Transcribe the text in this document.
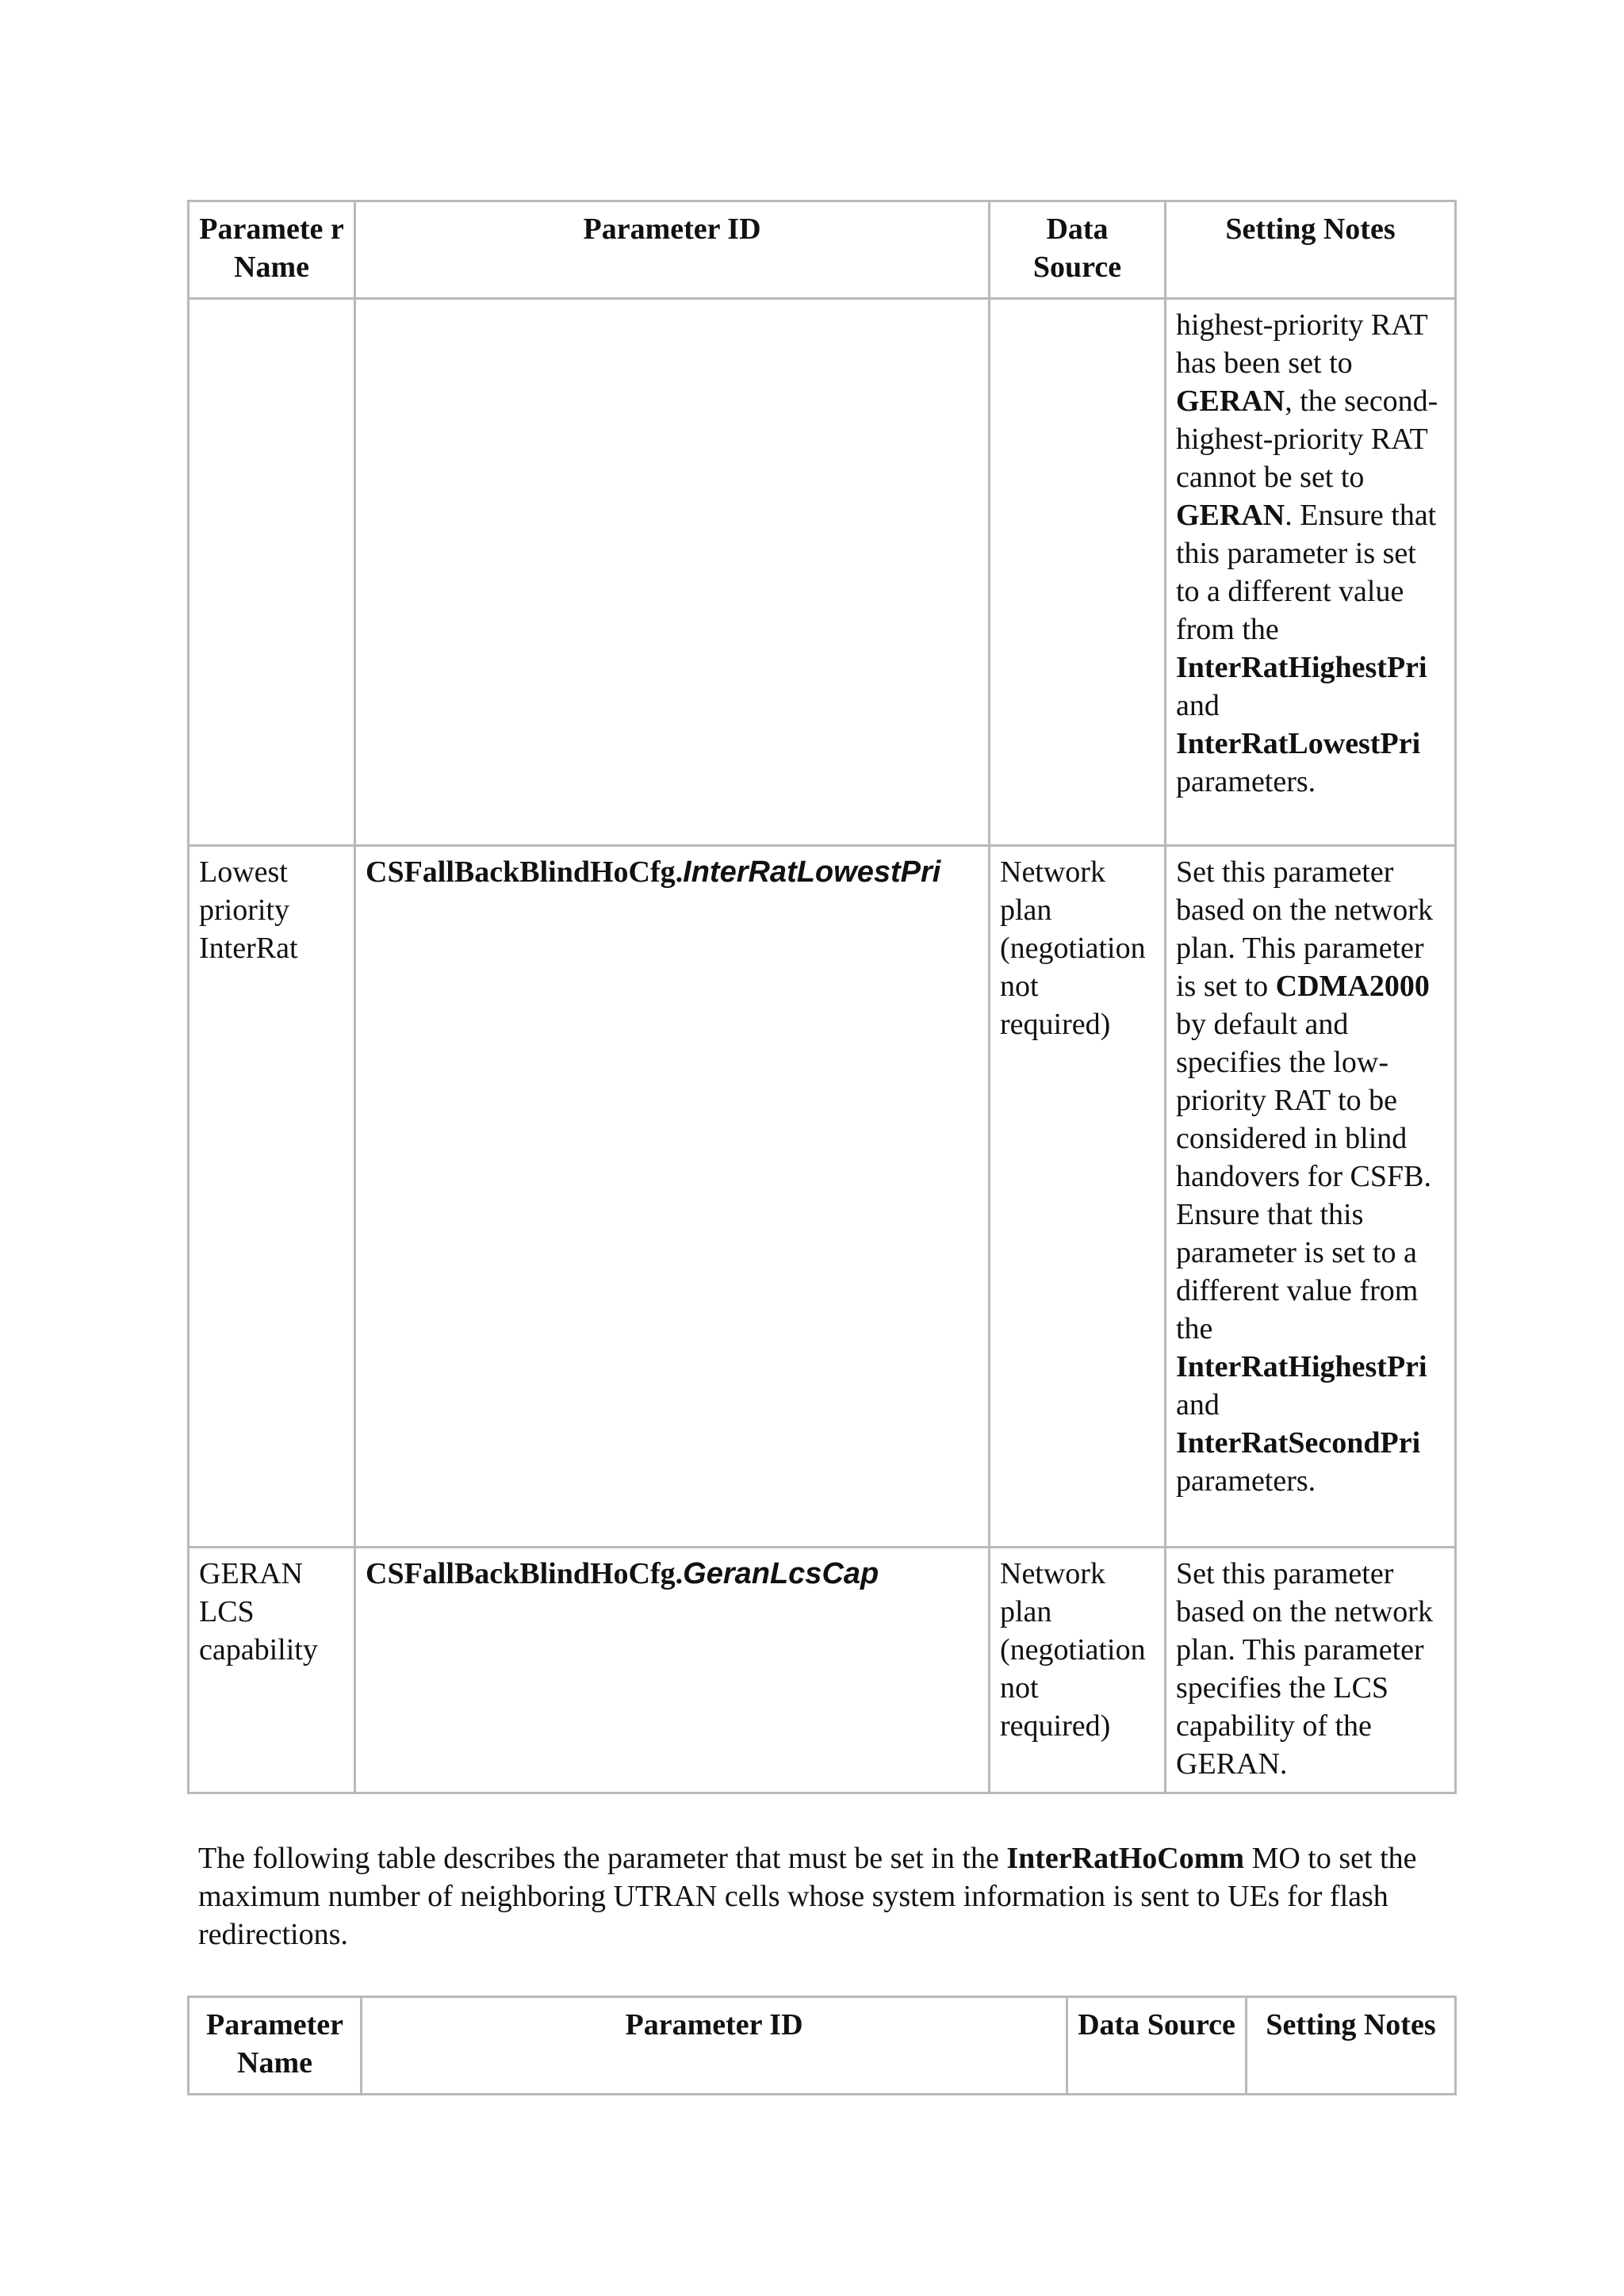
Paramete r Name	Parameter ID	Data Source	Setting Notes
			highest-priority RAT has been set to GERAN, the second-highest-priority RAT cannot be set to GERAN. Ensure that this parameter is set to a different value from the InterRatHighestPri and InterRatLowestPri parameters.
Lowest priority InterRat	CSFallBackBlindHoCfg.InterRatLowestPri	Network plan (negotiation not required)	Set this parameter based on the network plan. This parameter is set to CDMA2000 by default and specifies the low-priority RAT to be considered in blind handovers for CSFB. Ensure that this parameter is set to a different value from the InterRatHighestPri and InterRatSecondPri parameters.
GERAN LCS capability	CSFallBackBlindHoCfg.GeranLcsCap	Network plan (negotiation not required)	Set this parameter based on the network plan. This parameter specifies the LCS capability of the GERAN.

The following table describes the parameter that must be set in the InterRatHoComm MO to set the maximum number of neighboring UTRAN cells whose system information is sent to UEs for flash redirections.

Parameter Name	Parameter ID	Data Source	Setting Notes
